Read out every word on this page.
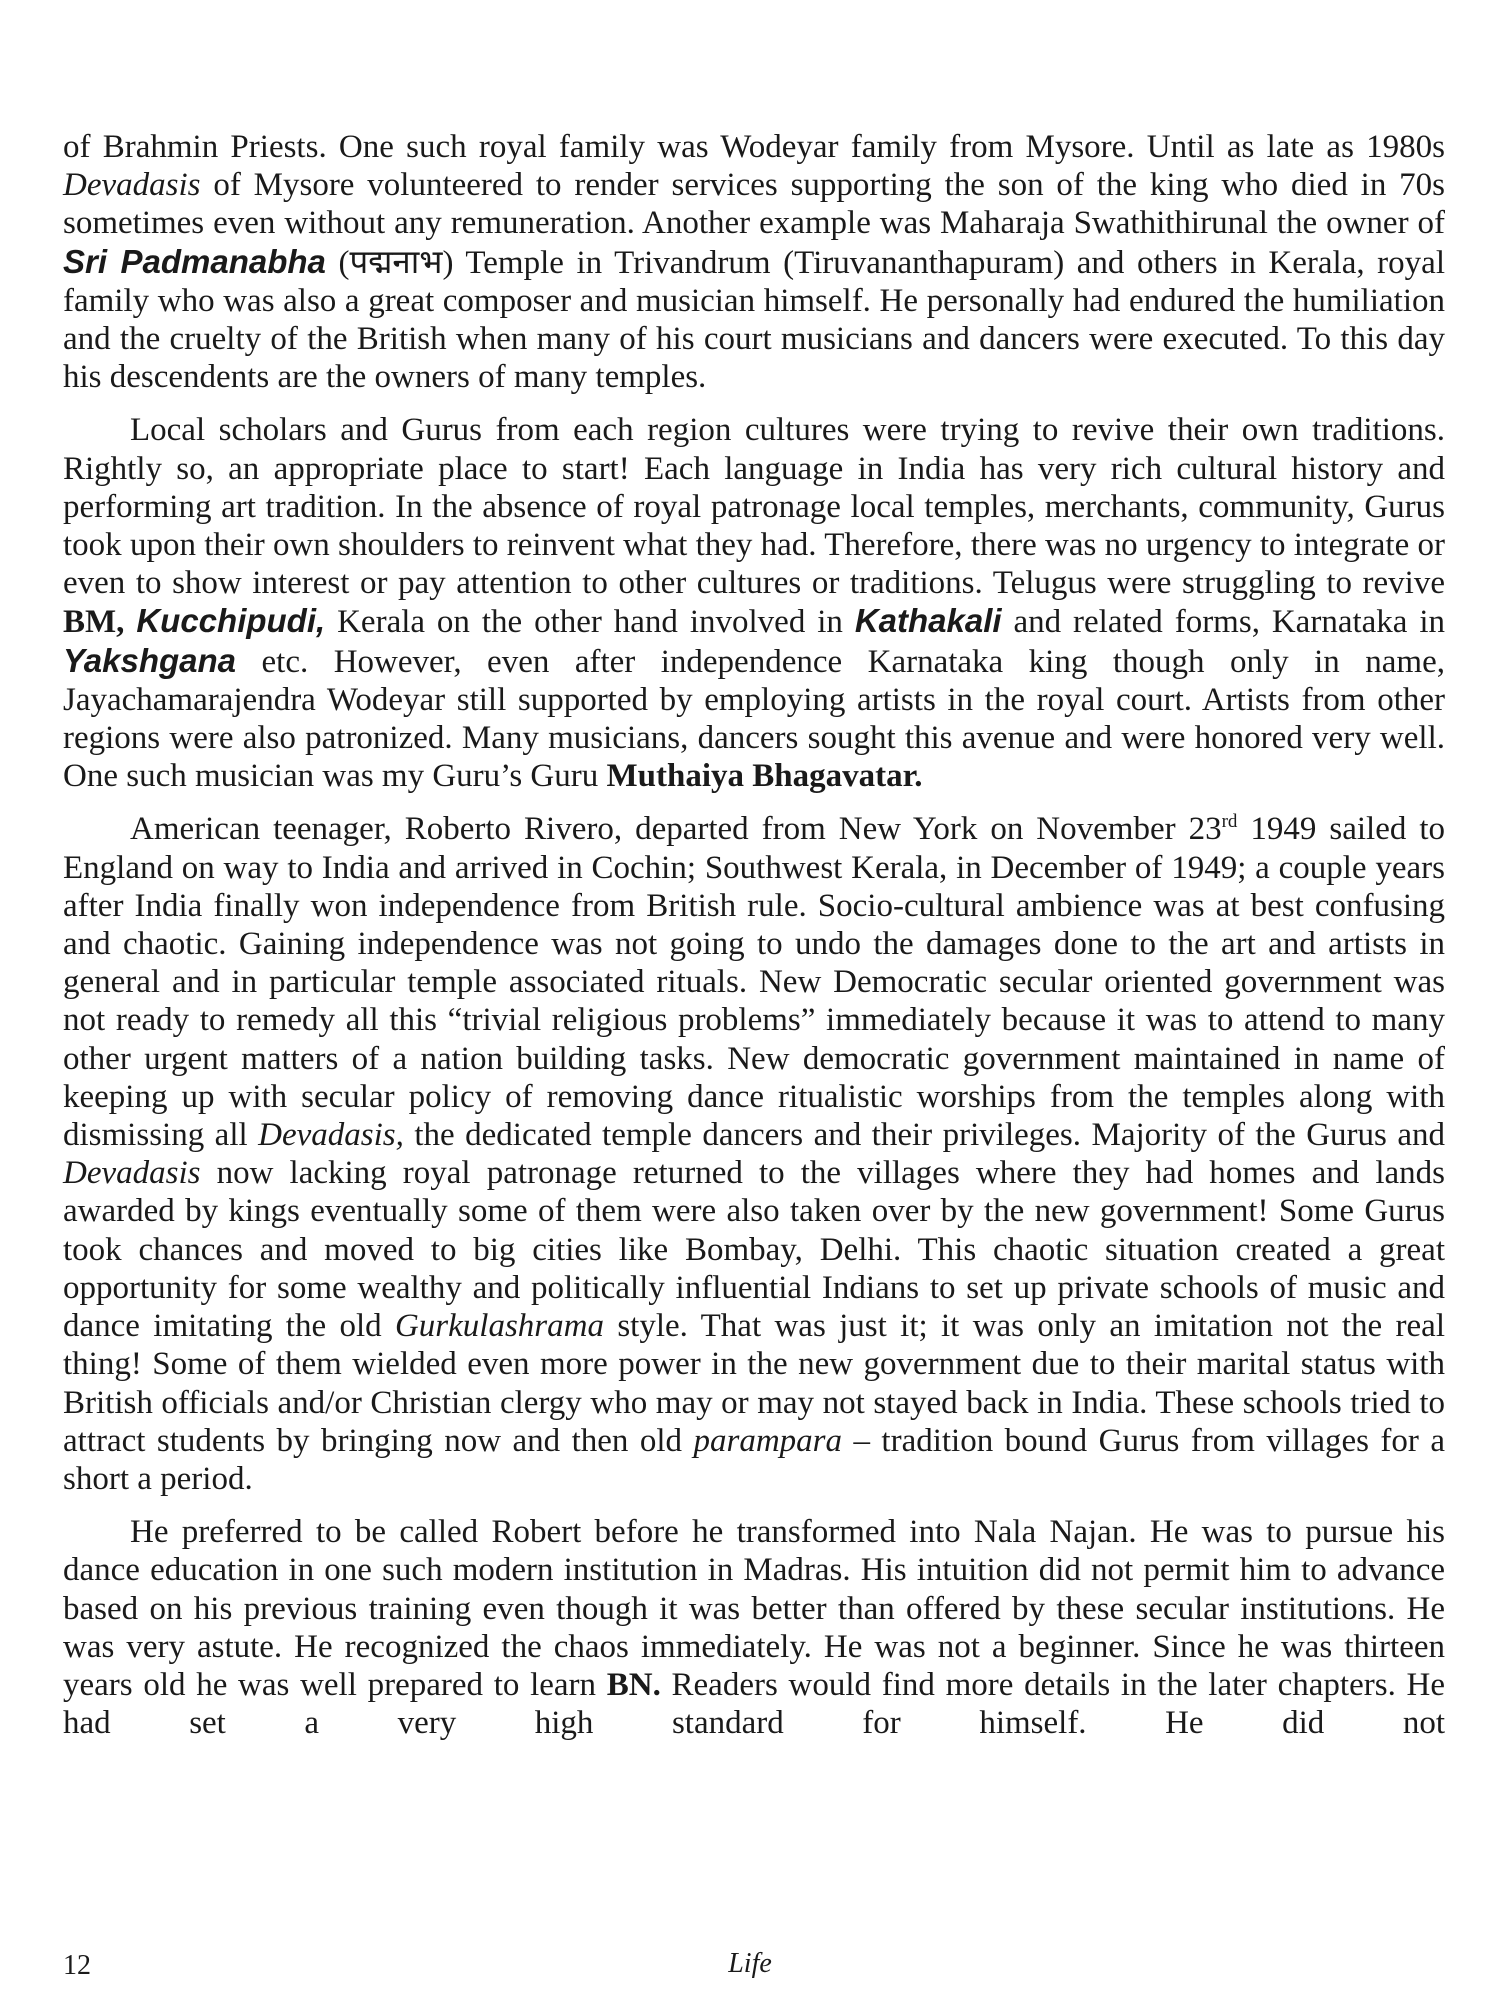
of Brahmin Priests. One such royal family was Wodeyar family from Mysore. Until as late as 1980s Devadasis of Mysore volunteered to render services supporting the son of the king who died in 70s sometimes even without any remuneration. Another example was Maharaja Swathithirunal the owner of Sri Padmanabha (पद्मनाभ) Temple in Trivandrum (Tiruvananthapuram) and others in Kerala, royal family who was also a great composer and musician himself. He personally had endured the humiliation and the cruelty of the British when many of his court musicians and dancers were executed. To this day his descendents are the owners of many temples.

Local scholars and Gurus from each region cultures were trying to revive their own traditions. Rightly so, an appropriate place to start! Each language in India has very rich cultural history and performing art tradition. In the absence of royal patronage local temples, merchants, community, Gurus took upon their own shoulders to reinvent what they had. Therefore, there was no urgency to integrate or even to show interest or pay attention to other cultures or traditions. Telugus were struggling to revive BM, Kucchipudi, Kerala on the other hand involved in Kathakali and related forms, Karnataka in Yakshgana etc. However, even after independence Karnataka king though only in name, Jayachamarajendra Wodeyar still supported by employing artists in the royal court. Artists from other regions were also patronized. Many musicians, dancers sought this avenue and were honored very well. One such musician was my Guru’s Guru Muthaiya Bhagavatar.

American teenager, Roberto Rivero, departed from New York on November 23rd 1949 sailed to England on way to India and arrived in Cochin; Southwest Kerala, in December of 1949; a couple years after India finally won independence from British rule. Socio-cultural ambience was at best confusing and chaotic. Gaining independence was not going to undo the damages done to the art and artists in general and in particular temple associated rituals. New Democratic secular oriented government was not ready to remedy all this “trivial religious problems” immediately because it was to attend to many other urgent matters of a nation building tasks. New democratic government maintained in name of keeping up with secular policy of removing dance ritualistic worships from the temples along with dismissing all Devadasis, the dedicated temple dancers and their privileges. Majority of the Gurus and Devadasis now lacking royal patronage returned to the villages where they had homes and lands awarded by kings eventually some of them were also taken over by the new government! Some Gurus took chances and moved to big cities like Bombay, Delhi. This chaotic situation created a great opportunity for some wealthy and politically influential Indians to set up private schools of music and dance imitating the old Gurkulashrama style. That was just it; it was only an imitation not the real thing! Some of them wielded even more power in the new government due to their marital status with British officials and/or Christian clergy who may or may not stayed back in India. These schools tried to attract students by bringing now and then old parampara – tradition bound Gurus from villages for a short a period.

He preferred to be called Robert before he transformed into Nala Najan. He was to pursue his dance education in one such modern institution in Madras. His intuition did not permit him to advance based on his previous training even though it was better than offered by these secular institutions. He was very astute. He recognized the chaos immediately. He was not a beginner. Since he was thirteen years old he was well prepared to learn BN. Readers would find more details in the later chapters. He had set a very high standard for himself. He did not

12	Life
